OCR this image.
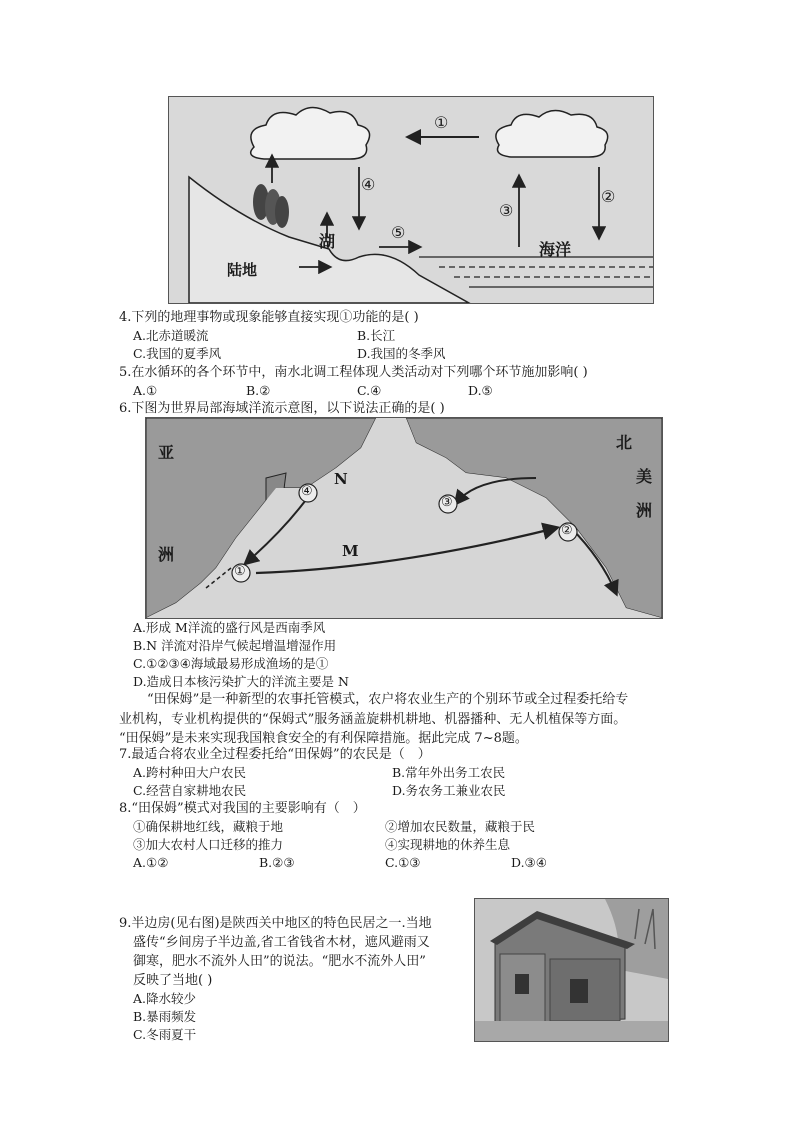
①
④
⑤
③
②
陆地
湖	海洋
4.下列的地理事物或现象能够直接实现①功能的是( )
A.北赤道暖流	B.长江
C.我国的夏季风	D.我国的冬季风
5.在水循环的各个环节中，南水北调工程体现人类活动对下列哪个环节施加影响( )
A.①	B.②	C.④	D.⑤
6.下图为世界局部海域洋流示意图，以下说法正确的是( )
亚
洲
北
美
洲
N
M
①
④
③
②
A.形成 M洋流的盛行风是西南季风
B.N 洋流对沿岸气候起增温增湿作用
C.①②③④海域最易形成渔场的是①
D.造成日本核污染扩大的洋流主要是 N
“田保姆”是一种新型的农事托管模式，农户将农业生产的个别环节或全过程委托给专
业机构，专业机构提供的“保姆式”服务涵盖旋耕机耕地、机器播种、无人机植保等方面。
“田保姆”是未来实现我国粮食安全的有利保障措施。据此完成 7~8题。
7.最适合将农业全过程委托给“田保姆”的农民是（　）
A.跨村种田大户农民	B.常年外出务工农民
C.经营自家耕地农民	D.务农务工兼业农民
8.“田保姆”模式对我国的主要影响有（　）
①确保耕地红线，藏粮于地	②增加农民数量，藏粮于民
③加大农村人口迁移的推力	④实现耕地的休养生息
A.①②	B.②③	C.①③	D.③④
9.半边房(见右图)是陕西关中地区的特色民居之一.当地
盛传“乡间房子半边盖,省工省钱省木材，遮风避雨又
御寒，肥水不流外人田”的说法。“肥水不流外人田”
反映了当地( )
A.降水较少
B.暴雨频发
C.冬雨夏干
